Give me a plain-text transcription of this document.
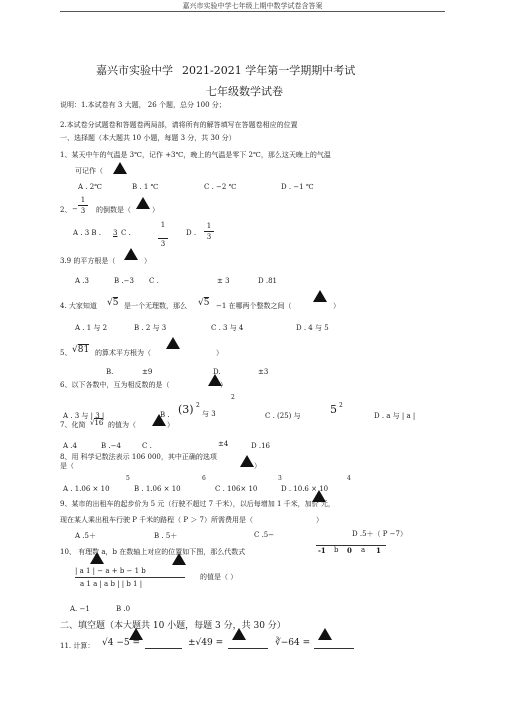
嘉兴市实验中学七年级上期中数学试卷含答案
嘉兴市实验中学 2021-2021 学年第一学期期中考试
七年级数学试卷
说明：1.本试卷有 3 大题， 26 个题，总分 100 分；
2.本试卷分试题卷和答题卷两局部，请将所有的解答填写在答题卷相应的位置
一、选择题（本大题共 10 小题，每题 3 分，共 30 分）
1、某天中午的气温是 3℃，记作 +3℃，晚上的气温是零下 2℃，那么这天晚上的气温
可记作（
A . 2℃	B . 1 ℃	C . −2 ℃	D . −1 ℃
2、 −
1
3	的倒数是（	）
A . 3 B . 3 C .
1
3
D .
1
3
3.9 的平方根是（	）
A .3	B .−3 C .	± 3	D .81
4. 大家知道 √5 是一个无理数，那么 √5 −1 在哪两个整数之间（	）
A . 1 与 2	B . 2 与 3	C . 3 与 4	D . 4 与 5
5、 √81 的算术平方根为（	）
B.	±9	D.	±3
6、以下各数中，互为相反数的是（	）
A . 3 与 | 3 |	B . (3) 2
与 3
2
C . (25) 与	5 2
D . a 与 | a |
7、化简 √16 的值为（	）
A .4	B .−4	C .	±4	D .16
8、用 科学记数法表示 106 000，其中正确的选项
是（	）
5	6	3	4
A . 1.06 × 10	B . 1.06 × 10	C . 106× 10	D . 10.6 × 10
9、某市的出租车的起步价为 5 元（行驶不超过 7 千米），以后每增加 1 千米，加价 元，
现在某人乘出租车行驶 P 千米的路程（ P ＞ 7）所需费用是（	）
A .5＋	B . 5＋	C .5−	D .5＋（ P −7）
10、 有理数 a，b 在数轴上对应的位置如下图，那么代数式
| a 1 | − a + b − 1 b
a 1 a | a b | | b 1 |
的值是（ ）
-1 b 0 a 1
A. −1	B .0
二、填空题（本大题共 10 小题，每题 3 分，共 30 分）
11. 计算： √4 −5 =	±√49 =	∛−64 =
